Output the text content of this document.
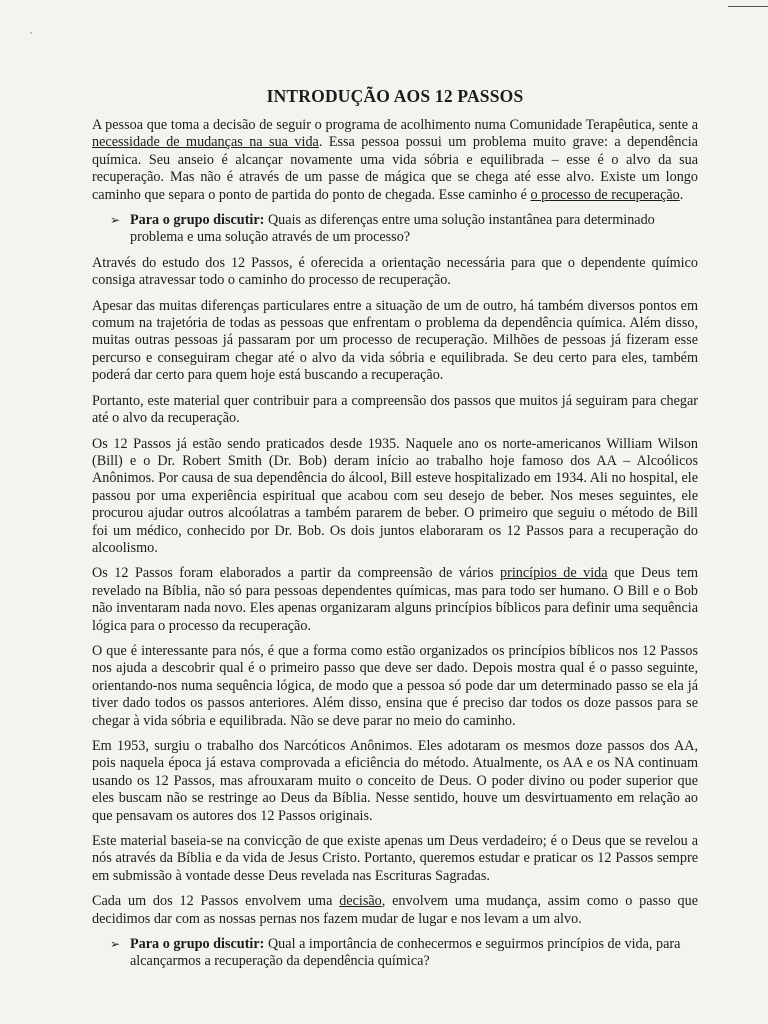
·
INTRODUÇÃO AOS 12 PASSOS

A pessoa que toma a decisão de seguir o programa de acolhimento numa Comunidade Terapêutica, sente a necessidade de mudanças na sua vida. Essa pessoa possui um problema muito grave: a dependência química. Seu anseio é alcançar novamente uma vida sóbria e equilibrada – esse é o alvo da sua recuperação. Mas não é através de um passe de mágica que se chega até esse alvo. Existe um longo caminho que separa o ponto de partida do ponto de chegada. Esse caminho é o processo de recuperação.

➢ Para o grupo discutir: Quais as diferenças entre uma solução instantânea para determinado problema e uma solução através de um processo?

Através do estudo dos 12 Passos, é oferecida a orientação necessária para que o dependente químico consiga atravessar todo o caminho do processo de recuperação.

Apesar das muitas diferenças particulares entre a situação de um de outro, há também diversos pontos em comum na trajetória de todas as pessoas que enfrentam o problema da dependência química. Além disso, muitas outras pessoas já passaram por um processo de recuperação. Milhões de pessoas já fizeram esse percurso e conseguiram chegar até o alvo da vida sóbria e equilibrada. Se deu certo para eles, também poderá dar certo para quem hoje está buscando a recuperação.

Portanto, este material quer contribuir para a compreensão dos passos que muitos já seguiram para chegar até o alvo da recuperação.

Os 12 Passos já estão sendo praticados desde 1935. Naquele ano os norte-americanos William Wilson (Bill) e o Dr. Robert Smith (Dr. Bob) deram início ao trabalho hoje famoso dos AA – Alcoólicos Anônimos. Por causa de sua dependência do álcool, Bill esteve hospitalizado em 1934. Ali no hospital, ele passou por uma experiência espiritual que acabou com seu desejo de beber. Nos meses seguintes, ele procurou ajudar outros alcoólatras a também pararem de beber. O primeiro que seguiu o método de Bill foi um médico, conhecido por Dr. Bob. Os dois juntos elaboraram os 12 Passos para a recuperação do alcoolismo.

Os 12 Passos foram elaborados a partir da compreensão de vários princípios de vida que Deus tem revelado na Bíblia, não só para pessoas dependentes químicas, mas para todo ser humano. O Bill e o Bob não inventaram nada novo. Eles apenas organizaram alguns princípios bíblicos para definir uma sequência lógica para o processo da recuperação.

O que é interessante para nós, é que a forma como estão organizados os princípios bíblicos nos 12 Passos nos ajuda a descobrir qual é o primeiro passo que deve ser dado. Depois mostra qual é o passo seguinte, orientando-nos numa sequência lógica, de modo que a pessoa só pode dar um determinado passo se ela já tiver dado todos os passos anteriores. Além disso, ensina que é preciso dar todos os doze passos para se chegar à vida sóbria e equilibrada. Não se deve parar no meio do caminho.

Em 1953, surgiu o trabalho dos Narcóticos Anônimos. Eles adotaram os mesmos doze passos dos AA, pois naquela época já estava comprovada a eficiência do método. Atualmente, os AA e os NA continuam usando os 12 Passos, mas afrouxaram muito o conceito de Deus. O poder divino ou poder superior que eles buscam não se restringe ao Deus da Bíblia. Nesse sentido, houve um desvirtuamento em relação ao que pensavam os autores dos 12 Passos originais.

Este material baseia-se na convicção de que existe apenas um Deus verdadeiro; é o Deus que se revelou a nós através da Bíblia e da vida de Jesus Cristo. Portanto, queremos estudar e praticar os 12 Passos sempre em submissão à vontade desse Deus revelada nas Escrituras Sagradas.

Cada um dos 12 Passos envolvem uma decisão, envolvem uma mudança, assim como o passo que decidimos dar com as nossas pernas nos fazem mudar de lugar e nos levam a um alvo.

➢ Para o grupo discutir: Qual a importância de conhecermos e seguirmos princípios de vida, para alcançarmos a recuperação da dependência química?
